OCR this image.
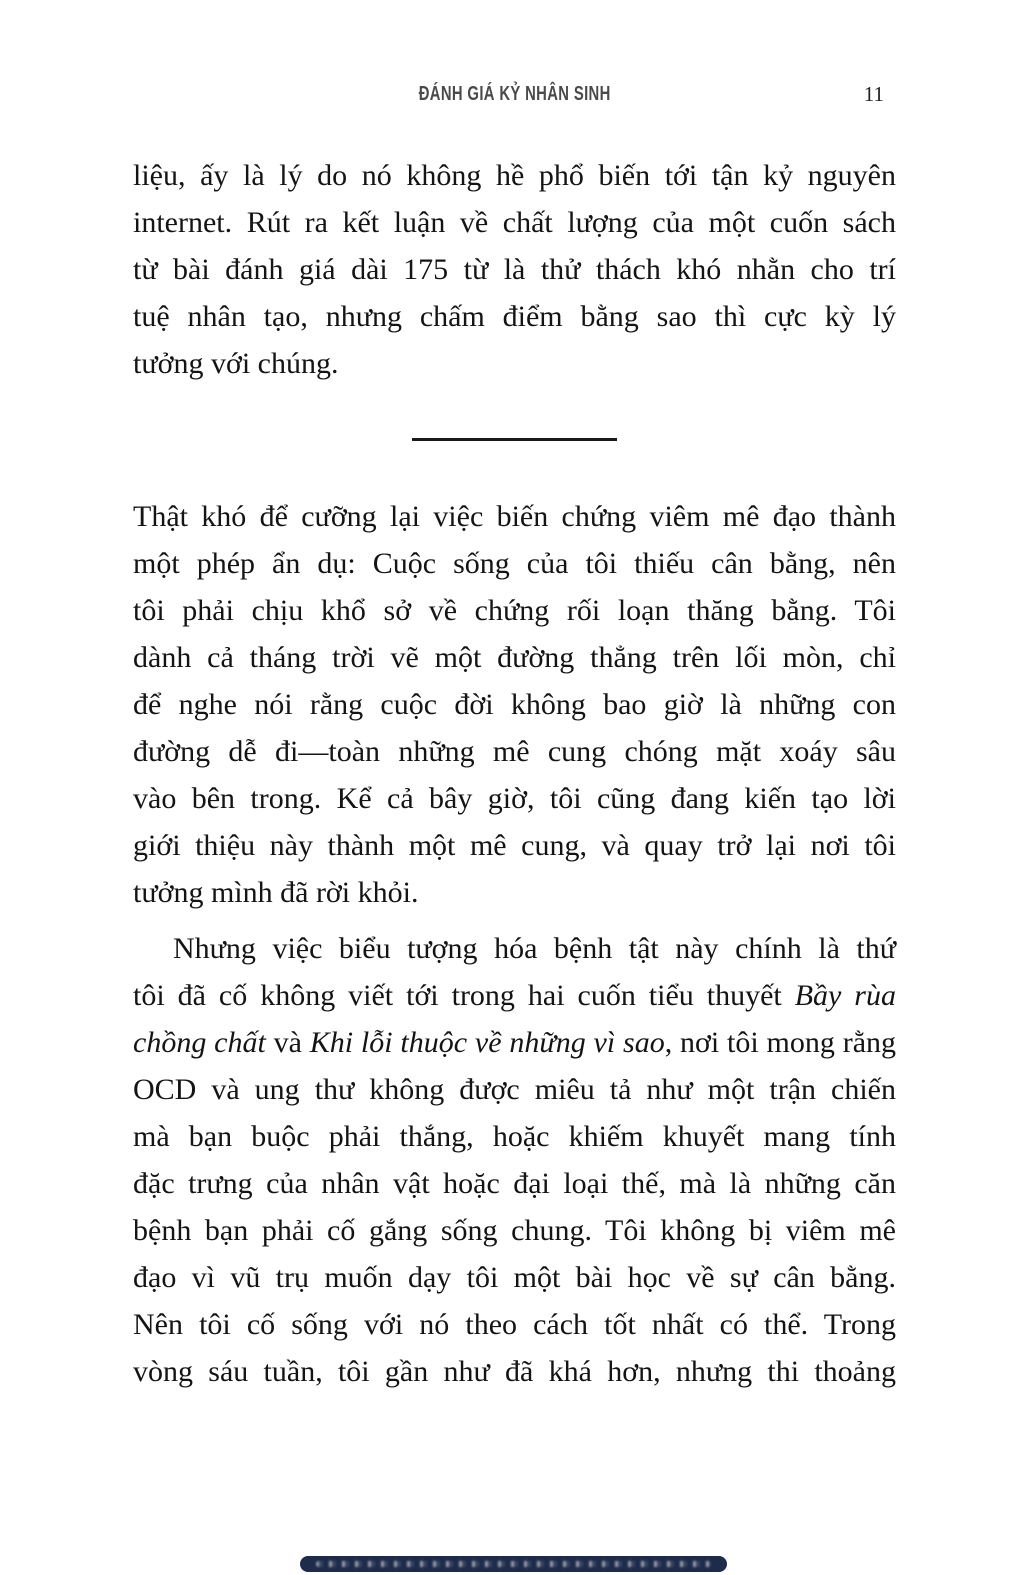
ĐÁNH GIÁ KỶ NHÂN SINH	11
liệu, ấy là lý do nó không hề phổ biến tới tận kỷ nguyên
internet. Rút ra kết luận về chất lượng của một cuốn sách
từ bài đánh giá dài 175 từ là thử thách khó nhằn cho trí
tuệ nhân tạo, nhưng chấm điểm bằng sao thì cực kỳ lý
tưởng với chúng.
Thật khó để cưỡng lại việc biến chứng viêm mê đạo thành
một phép ẩn dụ: Cuộc sống của tôi thiếu cân bằng, nên
tôi phải chịu khổ sở về chứng rối loạn thăng bằng. Tôi
dành cả tháng trời vẽ một đường thẳng trên lối mòn, chỉ
để nghe nói rằng cuộc đời không bao giờ là những con
đường dễ đi—toàn những mê cung chóng mặt xoáy sâu
vào bên trong. Kể cả bây giờ, tôi cũng đang kiến tạo lời
giới thiệu này thành một mê cung, và quay trở lại nơi tôi
tưởng mình đã rời khỏi.
Nhưng việc biểu tượng hóa bệnh tật này chính là thứ
tôi đã cố không viết tới trong hai cuốn tiểu thuyết Bầy rùa
chồng chất và Khi lỗi thuộc về những vì sao, nơi tôi mong rằng
OCD và ung thư không được miêu tả như một trận chiến
mà bạn buộc phải thắng, hoặc khiếm khuyết mang tính
đặc trưng của nhân vật hoặc đại loại thế, mà là những căn
bệnh bạn phải cố gắng sống chung. Tôi không bị viêm mê
đạo vì vũ trụ muốn dạy tôi một bài học về sự cân bằng.
Nên tôi cố sống với nó theo cách tốt nhất có thể. Trong
vòng sáu tuần, tôi gần như đã khá hơn, nhưng thi thoảng
